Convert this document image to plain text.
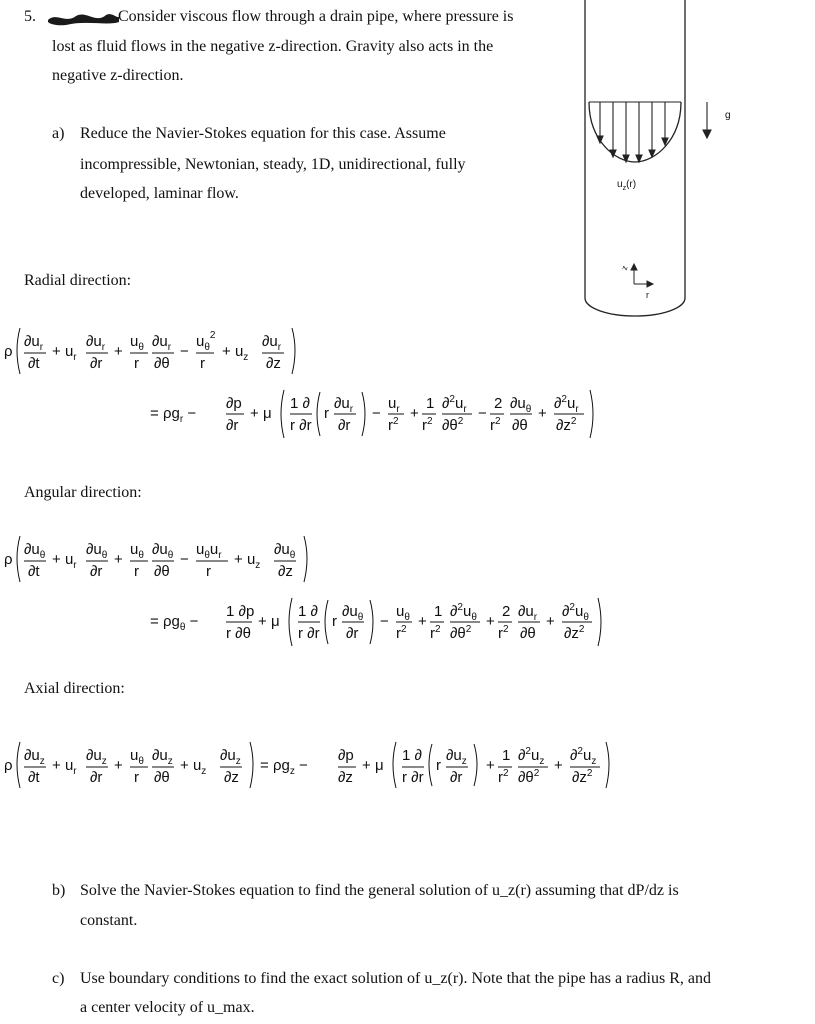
5.	Consider viscous flow through a drain pipe, where pressure is
lost as fluid flows in the negative z-direction. Gravity also acts in the
negative z-direction.
a) Reduce the Navier-Stokes equation for this case. Assume
incompressible, Newtonian, steady, 1D, unidirectional, fully
developed, laminar flow.
$u_z(r)$
g
z
r
Radial direction:
Angular direction:
Axial direction:
ρ
$\partial u_r$
∂t
+ $u_r$
$\partial u_r$
∂r
+
$u_\theta$
r
$\partial u_r$
∂θ
−
$u_\theta^2$
r
+ $u_z$
$\partial u_r$
∂z
= $\rho g_r$ −
∂p
∂r
+ μ
1 ∂
r ∂r
r
$\partial u_r$
∂r
−
$u_r$
$r^2$ +
1
$r^2$
$\partial^2u_r$
$\partial\theta^2$ −
2
$r^2$
$\partial u_\theta$
∂θ
+
$\partial^2u_r$
$\partial z^2$
ρ
$\partial u_\theta$
∂t
+ $u_r$
$\partial u_\theta$
∂r
+
$u_\theta$
r
$\partial u_\theta$
∂θ
−
$u_\theta u_r$
r
+ $u_z$
$\partial u_\theta$
∂z
= $\rho g_\theta$ −
1 ∂p
r ∂θ
+ μ
1 ∂
r ∂r
r
$\partial u_\theta$
∂r
−
$u_\theta$
$r^2$ +
1
$r^2$
$\partial^2u_\theta$
$\partial\theta^2$ +
2
$r^2$
$\partial u_r$
∂θ
+
$\partial^2u_\theta$
$\partial z^2$
ρ
$\partial u_z$
∂t
+ $u_r$
$\partial u_z$
∂r
+
$u_\theta$
r
$\partial u_z$
∂θ
+ $u_z$
$\partial u_z$
∂z
= $\rho g_z$ −
∂p
∂z
+ μ
1 ∂
r ∂r
r
$\partial u_z$
∂r
+
1
$r^2$
$\partial^2u_z$
$\partial\theta^2$ +
$\partial^2u_z$
$\partial z^2$
b) Solve the Navier-Stokes equation to find the general solution of u_z(r) assuming that dP/dz is
constant.
c) Use boundary conditions to find the exact solution of u_z(r). Note that the pipe has a radius R, and
a center velocity of u_max.
